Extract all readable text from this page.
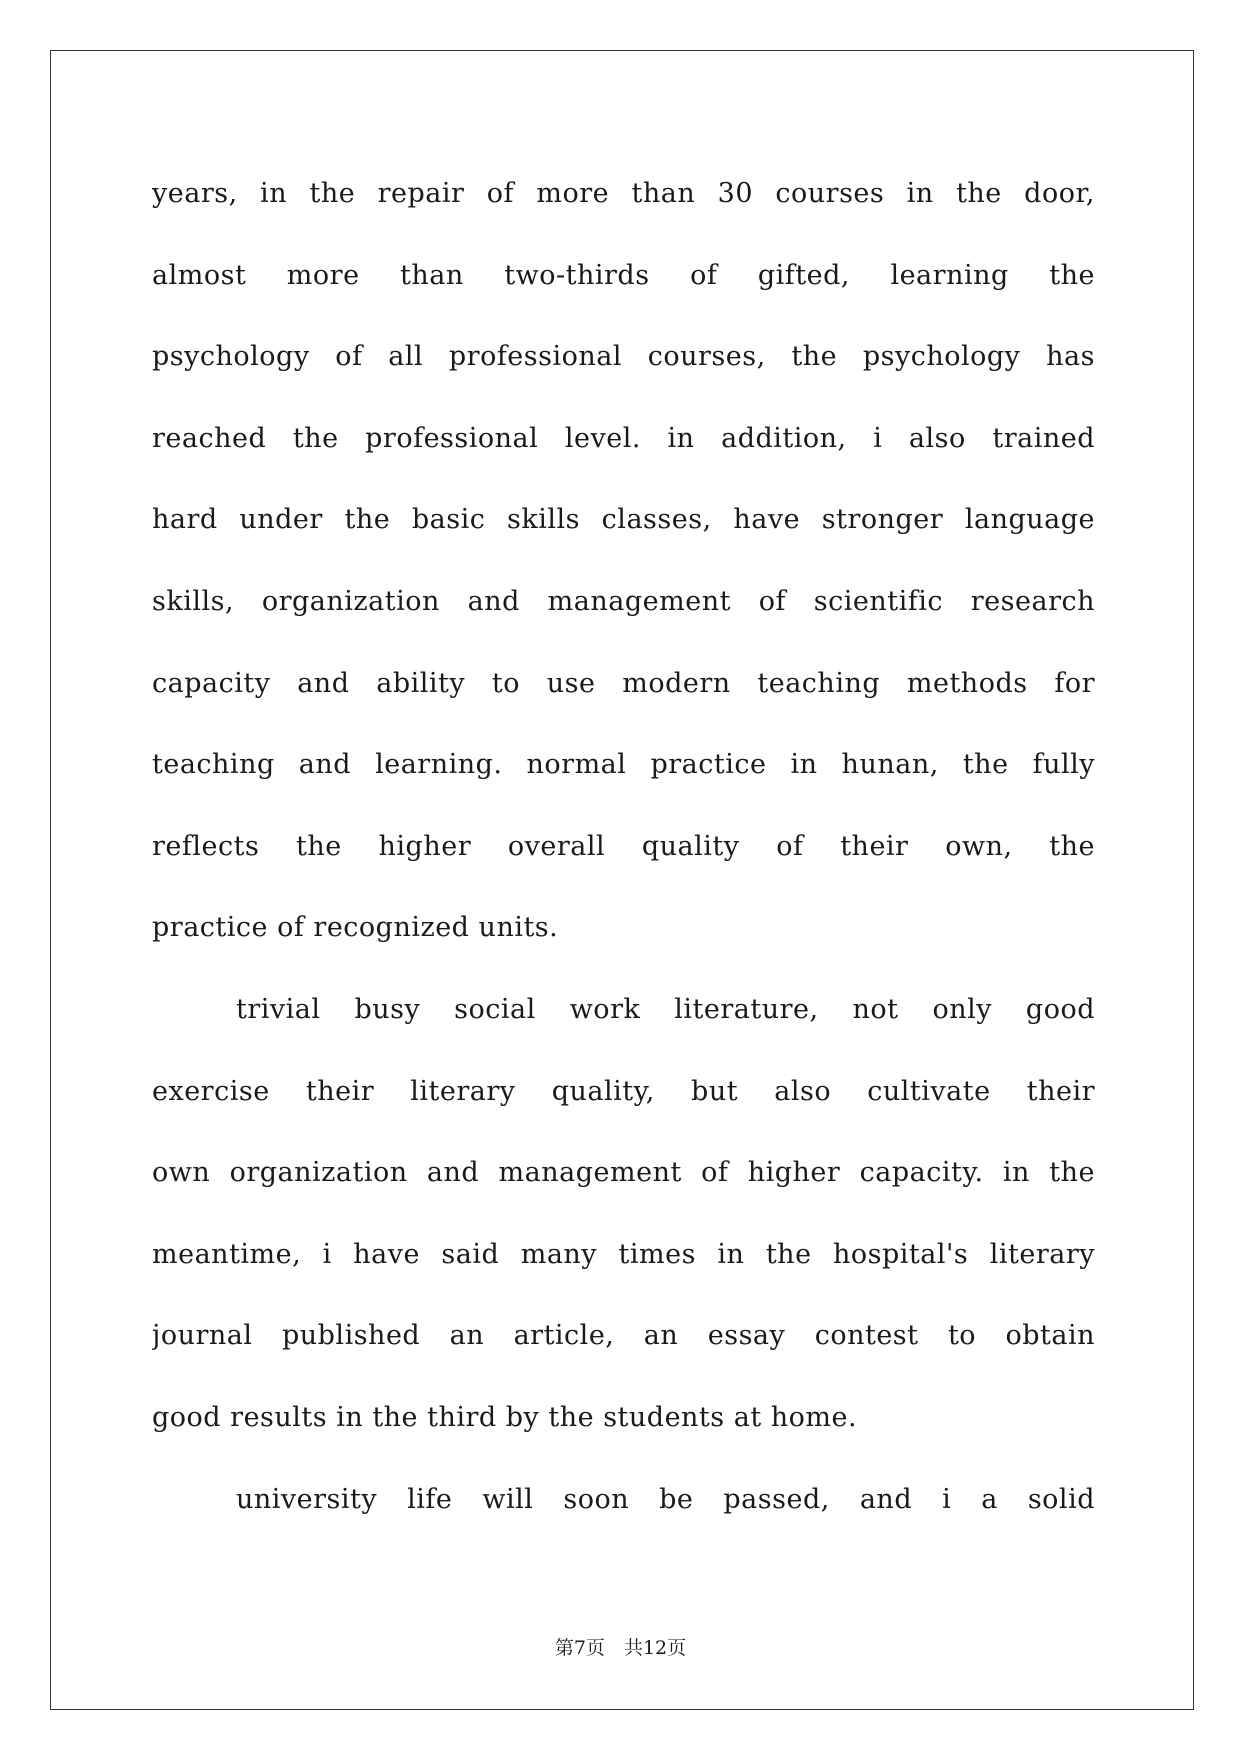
years, in the repair of more than 30 courses in the door,
almost more than two-thirds of gifted, learning the
psychology of all professional courses, the psychology has
reached the professional level. in addition, i also trained
hard under the basic skills classes, have stronger language
skills, organization and management of scientific research
capacity and ability to use modern teaching methods for
teaching and learning. normal practice in hunan, the fully
reflects the higher overall quality of their own, the
practice of recognized units.
trivial busy social work literature, not only good
exercise their literary quality, but also cultivate their
own organization and management of higher capacity. in the
meantime, i have said many times in the hospital's literary
journal published an article, an essay contest to obtain
good results in the third by the students at home.
university life will soon be passed, and i a solid
第7页　共12页
